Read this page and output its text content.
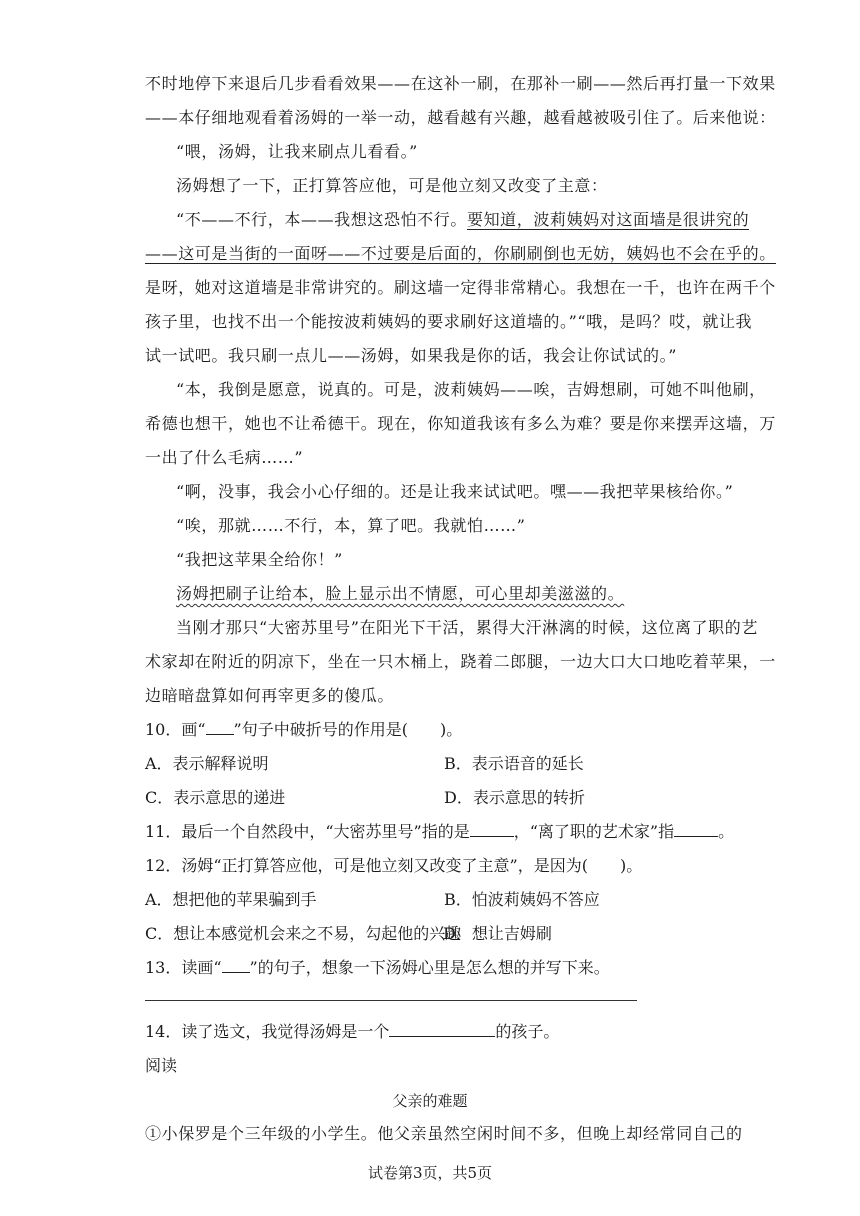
不时地停下来退后几步看看效果——在这补一刷，在那补一刷——然后再打量一下效果
——本仔细地观看着汤姆的一举一动，越看越有兴趣，越看越被吸引住了。后来他说：
“喂，汤姆，让我来刷点儿看看。”
汤姆想了一下，正打算答应他，可是他立刻又改变了主意：
“不——不行，本——我想这恐怕不行。要知道，波莉姨妈对这面墙是很讲究的
——这可是当街的一面呀——不过要是后面的，你刷刷倒也无妨，姨妈也不会在乎的。
是呀，她对这道墙是非常讲究的。刷这墙一定得非常精心。我想在一千，也许在两千个
孩子里，也找不出一个能按波莉姨妈的要求刷好这道墙的。”“哦，是吗？哎，就让我
试一试吧。我只刷一点儿——汤姆，如果我是你的话，我会让你试试的。”
“本，我倒是愿意，说真的。可是，波莉姨妈——唉，吉姆想刷，可她不叫他刷，
希德也想干，她也不让希德干。现在，你知道我该有多么为难？要是你来摆弄这墙，万
一出了什么毛病……”
“啊，没事，我会小心仔细的。还是让我来试试吧。嘿——我把苹果核给你。”
“唉，那就……不行，本，算了吧。我就怕……”
“我把这苹果全给你！”
汤姆把刷子让给本，脸上显示出不情愿，可心里却美滋滋的。
当刚才那只“大密苏里号”在阳光下干活，累得大汗淋漓的时候，这位离了职的艺
术家却在附近的阴凉下，坐在一只木桶上，跷着二郎腿，一边大口大口地吃着苹果，一
边暗暗盘算如何再宰更多的傻瓜。
10．画“ ”句子中破折号的作用是(　　)。
A．表示解释说明	B．表示语音的延长
C．表示意思的递进	D．表示意思的转折
11．最后一个自然段中，“大密苏里号”指的是	，“离了职的艺术家”指	。
12．汤姆“正打算答应他，可是他立刻又改变了主意”，是因为(　　)。
A．想把他的苹果骗到手	B．怕波莉姨妈不答应
C．想让本感觉机会来之不易，勾起他的兴趣
D．想让吉姆刷
13．读画“ ”的句子，想象一下汤姆心里是怎么想的并写下来。
14．读了选文，我觉得汤姆是一个	的孩子。
阅读
父亲的难题
①小保罗是个三年级的小学生。他父亲虽然空闲时间不多，但晚上却经常同自己的
试卷第3页，共5页
